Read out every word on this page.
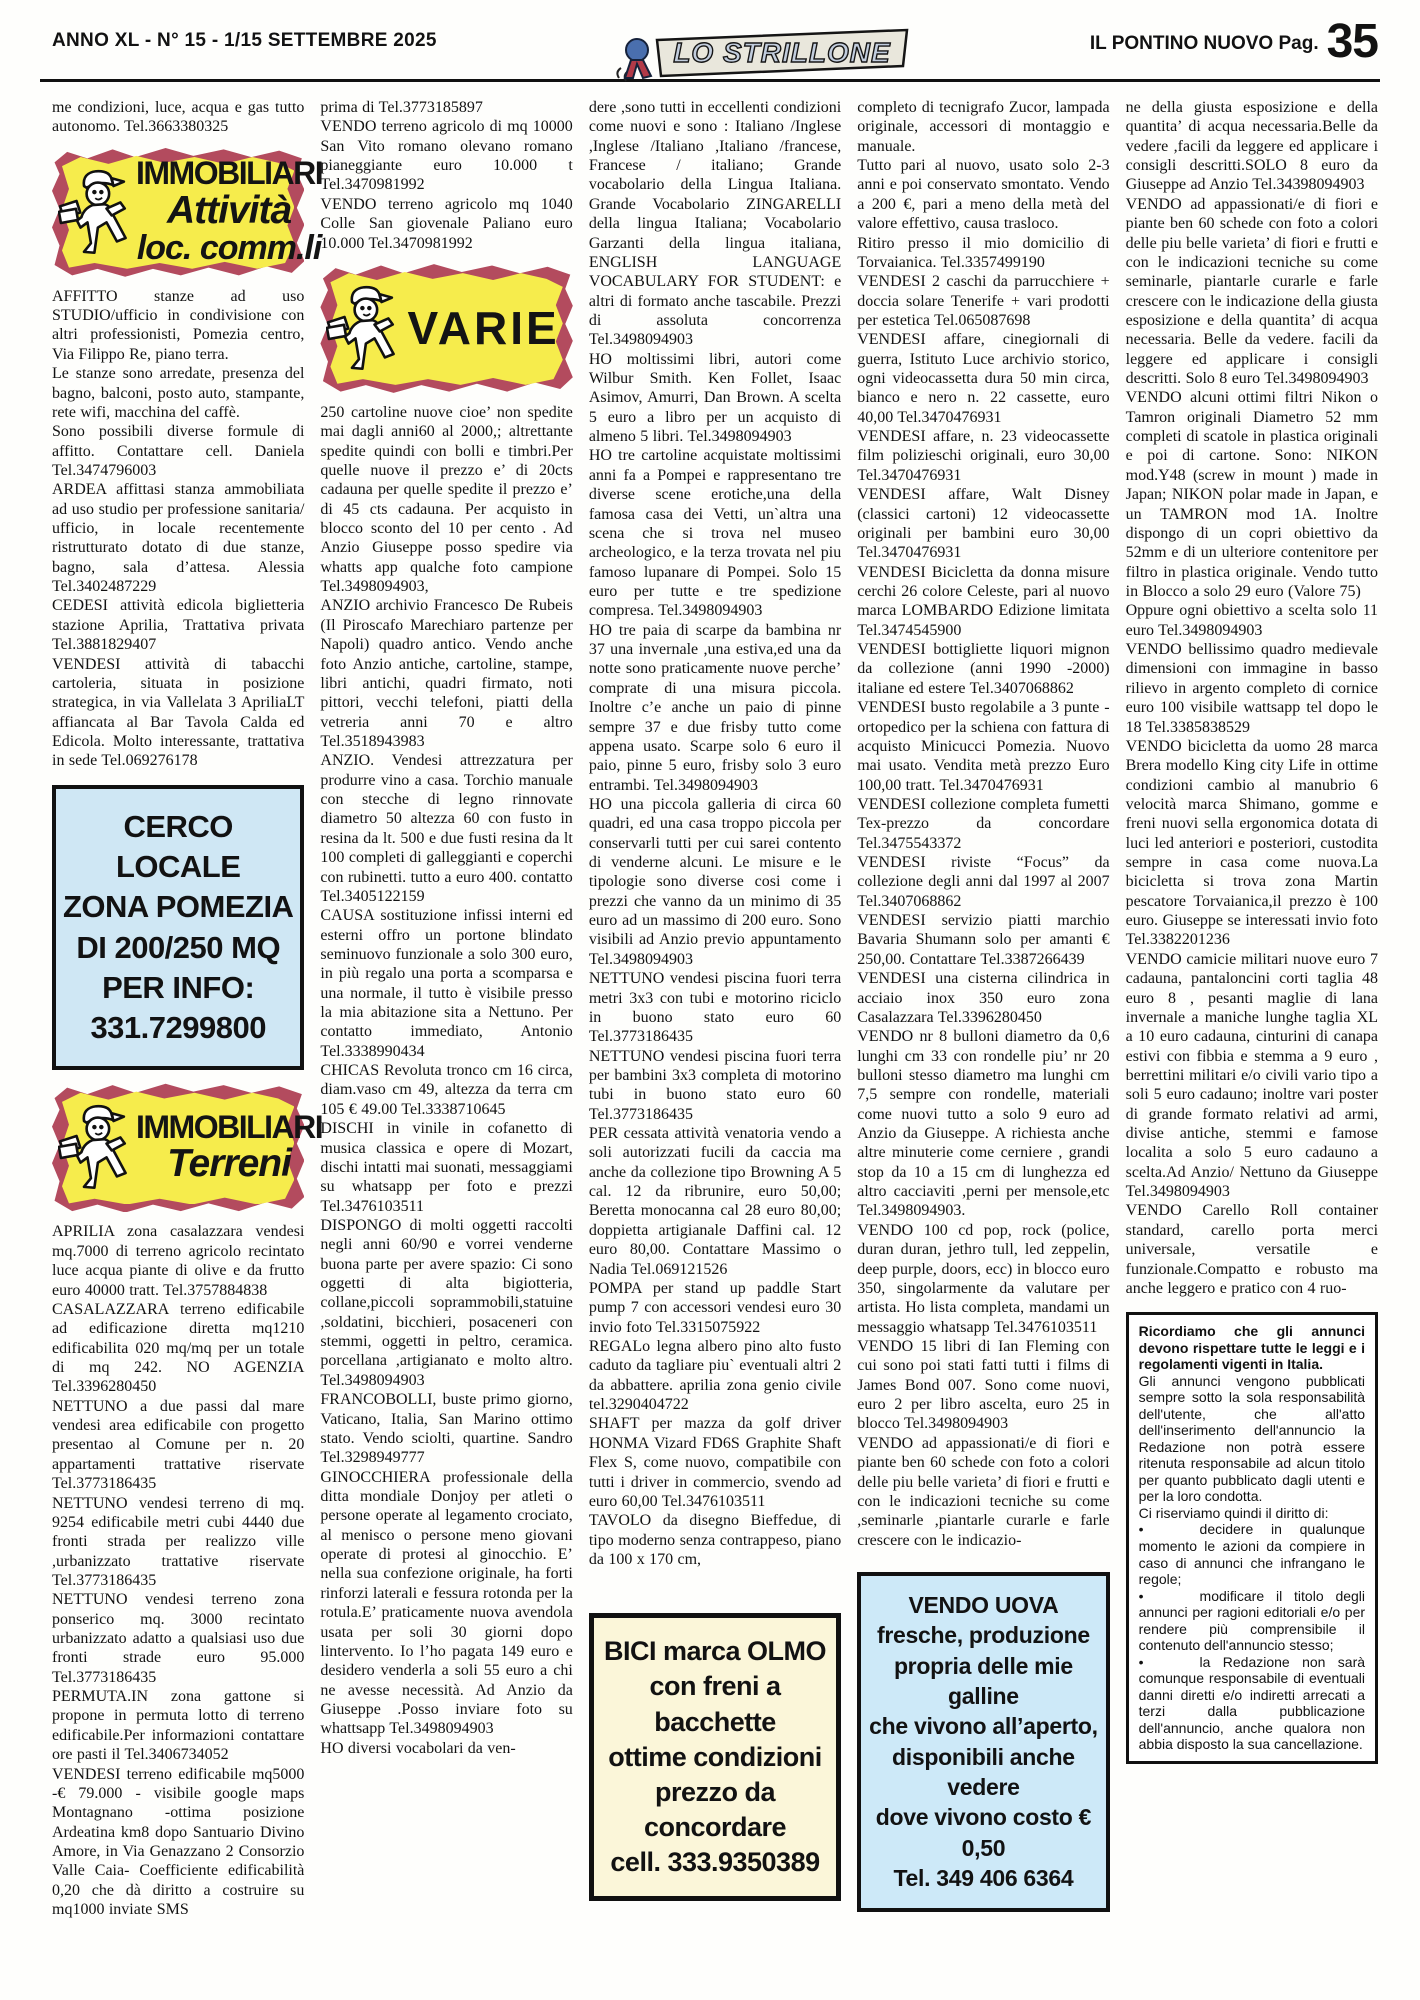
ANNO XL - N° 15 - 1/15 SETTEMBRE 2025	LO STRILLONE	IL PONTINO NUOVO Pag. 35

me condizioni, luce, acqua e gas tutto autonomo. Tel.3663380325

IMMOBILIARI
Attività
loc. comm.li

AFFITTO stanze ad uso STUDIO/ufficio in condivisione con altri professionisti, Pomezia centro, Via Filippo Re, piano terra.

Le stanze sono arredate, presenza del bagno, balconi, posto auto, stampante, rete wifi, macchina del caffè.

Sono possibili diverse formule di affitto. Contattare cell. Daniela Tel.3474796003

ARDEA affittasi stanza ammobiliata ad uso studio per professione sanitaria/ ufficio, in locale recentemente ristrutturato dotato di due stanze, bagno, sala d’attesa. Alessia Tel.3402487229

CEDESI attività edicola biglietteria stazione Aprilia, Trattativa privata Tel.3881829407

VENDESI attività di tabacchi cartoleria, situata in posizione strategica, in via Vallelata 3 ApriliaLT affiancata al Bar Tavola Calda ed Edicola. Molto interessante, trattativa in sede Tel.069276178

CERCO LOCALE
ZONA POMEZIA
DI 200/250 MQ
PER INFO:
331.7299800
IMMOBILIARI
Terreni

APRILIA zona casalazzara vendesi mq.7000 di terreno agricolo recintato luce acqua piante di olive e da frutto euro 40000 tratt. Tel.3757884838

CASALAZZARA terreno edificabile ad edificazione diretta mq1210 edificabilita 020 mq/mq per un totale di mq 242. NO AGENZIA Tel.3396280450

NETTUNO a due passi dal mare vendesi area edificabile con progetto presentao al Comune per n. 20 appartamenti trattative riservate Tel.3773186435

NETTUNO vendesi terreno di mq. 9254 edificabile metri cubi 4440 due fronti strada per realizzo ville ,urbanizzato trattative riservate Tel.3773186435

NETTUNO vendesi terreno zona ponserico mq. 3000 recintato urbanizzato adatto a qualsiasi uso due fronti strade euro 95.000 Tel.3773186435

PERMUTA.IN zona gattone si propone in permuta lotto di terreno edificabile.Per informazioni contattare ore pasti il Tel.3406734052

VENDESI terreno edificabile mq5000 -€ 79.000 - visibile google maps Montagnano -ottima posizione Ardeatina km8 dopo Santuario Divino Amore, in Via Genazzano 2 Consorzio Valle Caia- Coefficiente edificabilità 0,20 che dà diritto a costruire su mq1000 inviate SMS

prima di Tel.3773185897

VENDO terreno agricolo di mq 10000 San Vito romano olevano romano pianeggiante euro 10.000 t Tel.3470981992

VENDO terreno agricolo mq 1040 Colle San giovenale Paliano euro 10.000 Tel.3470981992

VARIE

250 cartoline nuove cioe’ non spedite mai dagli anni60 al 2000,; altrettante spedite quindi con bolli e timbri.Per quelle nuove il prezzo e’ di 20cts cadauna per quelle spedite il prezzo e’ di 45 cts cadauna. Per acquisto in blocco sconto del 10 per cento . Ad Anzio Giuseppe posso spedire via whatts app qualche foto campione Tel.3498094903,

ANZIO archivio Francesco De Rubeis (Il Piroscafo Marechiaro partenze per Napoli) quadro antico. Vendo anche foto Anzio antiche, cartoline, stampe, libri antichi, quadri firmato, noti pittori, vecchi telefoni, piatti della vetreria anni 70 e altro Tel.3518943983

ANZIO. Vendesi attrezzatura per produrre vino a casa. Torchio manuale con stecche di legno rinnovate diametro 50 altezza 60 con fusto in resina da lt. 500 e due fusti resina da lt 100 completi di galleggianti e coperchi con rubinetti. tutto a euro 400. contatto Tel.3405122159

CAUSA sostituzione infissi interni ed esterni offro un portone blindato seminuovo funzionale a solo 300 euro, in più regalo una porta a scomparsa e una normale, il tutto è visibile presso la mia abitazione sita a Nettuno. Per contatto immediato, Antonio Tel.3338990434

CHICAS Revoluta tronco cm 16 circa, diam.vaso cm 49, altezza da terra cm 105 € 49.00 Tel.3338710645

DISCHI in vinile in cofanetto di musica classica e opere di Mozart, dischi intatti mai suonati, messaggiami su whatsapp per foto e prezzi Tel.3476103511

DISPONGO di molti oggetti raccolti negli anni 60/90 e vorrei venderne buona parte per avere spazio: Ci sono oggetti di alta bigiotteria, collane,piccoli soprammobili,statuine ,soldatini, bicchieri, posaceneri con stemmi, oggetti in peltro, ceramica. porcellana ,artigianato e molto altro. Tel.3498094903

FRANCOBOLLI, buste primo giorno, Vaticano, Italia, San Marino ottimo stato. Vendo sciolti, quartine. Sandro Tel.3298949777

GINOCCHIERA professionale della ditta mondiale Donjoy per atleti o persone operate al legamento crociato, al menisco o persone meno giovani operate di protesi al ginocchio. E’ nella sua confezione originale, ha forti rinforzi laterali e fessura rotonda per la rotula.E’ praticamente nuova avendola usata per soli 30 giorni dopo lintervento. Io l’ho pagata 149 euro e desidero venderla a soli 55 euro a chi ne avesse necessità. Ad Anzio da Giuseppe .Posso inviare foto su whattsapp Tel.3498094903

HO diversi vocabolari da ven-

dere ,sono tutti in eccellenti condizioni come nuovi e sono : Italiano /Inglese ,Inglese /Italiano ,Italiano /francese, Francese / italiano; Grande vocabolario della Lingua Italiana. Grande Vocabolario ZINGARELLI della lingua Italiana; Vocabolario Garzanti della lingua italiana, ENGLISH LANGUAGE VOCABULARY FOR STUDENT: e altri di formato anche tascabile. Prezzi di assoluta concorrenza Tel.3498094903

HO moltissimi libri, autori come Wilbur Smith. Ken Follet, Isaac Asimov, Amurri, Dan Brown. A scelta 5 euro a libro per un acquisto di almeno 5 libri. Tel.3498094903

HO tre cartoline acquistate moltissimi anni fa a Pompei e rappresentano tre diverse scene erotiche,una della famosa casa dei Vetti, un`altra una scena che si trova nel museo archeologico, e la terza trovata nel piu famoso lupanare di Pompei. Solo 15 euro per tutte e tre spedizione compresa. Tel.3498094903

HO tre paia di scarpe da bambina nr 37 una invernale ,una estiva,ed una da notte sono praticamente nuove perche’ comprate di una misura piccola. Inoltre c’e anche un paio di pinne sempre 37 e due frisby tutto come appena usato. Scarpe solo 6 euro il paio, pinne 5 euro, frisby solo 3 euro entrambi. Tel.3498094903

HO una piccola galleria di circa 60 quadri, ed una casa troppo piccola per conservarli tutti per cui sarei contento di venderne alcuni. Le misure e le tipologie sono diverse cosi come i prezzi che vanno da un minimo di 35 euro ad un massimo di 200 euro. Sono visibili ad Anzio previo appuntamento Tel.3498094903

NETTUNO vendesi piscina fuori terra metri 3x3 con tubi e motorino riciclo in buono stato euro 60 Tel.3773186435

NETTUNO vendesi piscina fuori terra per bambini 3x3 completa di motorino tubi in buono stato euro 60 Tel.3773186435

PER cessata attività venatoria vendo a soli autorizzati fucili da caccia ma anche da collezione tipo Browning A 5 cal. 12 da ribrunire, euro 50,00; Beretta monocanna cal 28 euro 80,00; doppietta artigianale Daffini cal. 12 euro 80,00. Contattare Massimo o Nadia Tel.069121526

POMPA per stand up paddle Start pump 7 con accessori vendesi euro 30 invio foto Tel.3315075922

REGALo legna albero pino alto fusto caduto da tagliare piu` eventuali altri 2 da abbattere. aprilia zona genio civile tel.3290404722

SHAFT per mazza da golf driver HONMA Vizard FD6S Graphite Shaft Flex S, come nuovo, compatibile con tutti i driver in commercio, svendo ad euro 60,00 Tel.3476103511

TAVOLO da disegno Bieffedue, di tipo moderno senza contrappeso, piano da 100 x 170 cm,

BICI marca OLMO
con freni a bacchette
ottime condizioni
prezzo da concordare
cell. 333.9350389

completo di tecnigrafo Zucor, lampada originale, accessori di montaggio e manuale.

Tutto pari al nuovo, usato solo 2-3 anni e poi conservato smontato. Vendo a 200 €, pari a meno della metà del valore effettivo, causa trasloco.

Ritiro presso il mio domicilio di Torvaianica. Tel.3357499190

VENDESI 2 caschi da parrucchiere + doccia solare Tenerife + vari prodotti per estetica Tel.065087698

VENDESI affare, cinegiornali di guerra, Istituto Luce archivio storico, ogni videocassetta dura 50 min circa, bianco e nero n. 22 cassette, euro 40,00 Tel.3470476931

VENDESI affare, n. 23 videocassette film polizieschi originali, euro 30,00 Tel.3470476931

VENDESI affare, Walt Disney (classici cartoni) 12 videocassette originali per bambini euro 30,00 Tel.3470476931

VENDESI Bicicletta da donna misure cerchi 26 colore Celeste, pari al nuovo marca LOMBARDO Edizione limitata Tel.3474545900

VENDESI bottigliette liquori mignon da collezione (anni 1990 -2000) italiane ed estere Tel.3407068862

VENDESI busto regolabile a 3 punte - ortopedico per la schiena con fattura di acquisto Minicucci Pomezia. Nuovo mai usato. Vendita metà prezzo Euro 100,00 tratt. Tel.3470476931

VENDESI collezione completa fumetti Tex-prezzo da concordare Tel.3475543372

VENDESI riviste “Focus” da collezione degli anni dal 1997 al 2007 Tel.3407068862

VENDESI servizio piatti marchio Bavaria Shumann solo per amanti € 250,00. Contattare Tel.3387266439

VENDESI una cisterna cilindrica in acciaio inox 350 euro zona Casalazzara Tel.3396280450

VENDO nr 8 bulloni diametro da 0,6 lunghi cm 33 con rondelle piu’ nr 20 bulloni stesso diametro ma lunghi cm 7,5 sempre con rondelle, materiali come nuovi tutto a solo 9 euro ad Anzio da Giuseppe. A richiesta anche altre minuterie come cerniere , grandi stop da 10 a 15 cm di lunghezza ed altro cacciaviti ,perni per mensole,etc Tel.3498094903.

VENDO 100 cd pop, rock (police, duran duran, jethro tull, led zeppelin, deep purple, doors, ecc) in blocco euro 350, singolarmente da valutare per artista. Ho lista completa, mandami un messaggio whatsapp Tel.3476103511

VENDO 15 libri di Ian Fleming con cui sono poi stati fatti tutti i films di James Bond 007. Sono come nuovi, euro 2 per libro ascelta, euro 25 in blocco Tel.3498094903

VENDO ad appassionati/e di fiori e piante ben 60 schede con foto a colori delle piu belle varieta’ di fiori e frutti e con le indicazioni tecniche su come ,seminarle ,piantarle curarle e farle crescere con le indicazio-

VENDO UOVA
fresche, produzione
propria delle mie galline
che vivono all’aperto,
disponibili anche vedere
dove vivono costo € 0,50
Tel. 349 406 6364

ne della giusta esposizione e della quantita’ di acqua necessaria.Belle da vedere ,facili da leggere ed applicare i consigli descritti.SOLO 8 euro da Giuseppe ad Anzio Tel.34398094903

VENDO ad appassionati/e di fiori e piante ben 60 schede con foto a colori delle piu belle varieta’ di fiori e frutti e con le indicazioni tecniche su come seminarle, piantarle curarle e farle crescere con le indicazione della giusta esposizione e della quantita’ di acqua necessaria. Belle da vedere. facili da leggere ed applicare i consigli descritti. Solo 8 euro Tel.3498094903

VENDO alcuni ottimi filtri Nikon o Tamron originali Diametro 52 mm completi di scatole in plastica originali e poi di cartone. Sono: NIKON mod.Y48 (screw in mount ) made in Japan; NIKON polar made in Japan, e un TAMRON mod 1A. Inoltre dispongo di un copri obiettivo da 52mm e di un ulteriore contenitore per filtro in plastica originale. Vendo tutto in Blocco a solo 29 euro (Valore 75)

Oppure ogni obiettivo a scelta solo 11 euro Tel.3498094903

VENDO bellissimo quadro medievale dimensioni con immagine in basso rilievo in argento completo di cornice euro 100 visibile wattsapp tel dopo le 18 Tel.3385838529

VENDO bicicletta da uomo 28 marca Brera modello King city Life in ottime condizioni cambio al manubrio 6 velocità marca Shimano, gomme e freni nuovi sella ergonomica dotata di luci led anteriori e posteriori, custodita sempre in casa come nuova.La bicicletta si trova zona Martin pescatore Torvaianica,il prezzo è 100 euro. Giuseppe se interessati invio foto Tel.3382201236

VENDO camicie militari nuove euro 7 cadauna, pantaloncini corti taglia 48 euro 8 , pesanti maglie di lana invernale a maniche lunghe taglia XL a 10 euro cadauna, cinturini di canapa estivi con fibbia e stemma a 9 euro , berrettini militari e/o civili vario tipo a soli 5 euro cadauno; inoltre vari poster di grande formato relativi ad armi, divise antiche, stemmi e famose localita a solo 5 euro cadauno a scelta.Ad Anzio/ Nettuno da Giuseppe Tel.3498094903

VENDO Carello Roll container standard, carello porta merci universale, versatile e funzionale.Compatto e robusto ma anche leggero e pratico con 4 ruo-

Ricordiamo che gli annunci devono rispettare tutte le leggi e i regolamenti vigenti in Italia.
Gli annunci vengono pubblicati sempre sotto la sola responsabilità dell'utente, che all'atto dell'inserimento dell'annuncio la Redazione non potrà essere ritenuta responsabile ad alcun titolo per quanto pubblicato dagli utenti e per la loro condotta.
Ci riserviamo quindi il diritto di:
•	decidere in qualunque momento le azioni da compiere in caso di annunci che infrangano le regole;
•	modificare il titolo degli annunci per ragioni editoriali e/o per rendere più comprensibile il contenuto dell'annuncio stesso;
•	la Redazione non sarà comunque responsabile di eventuali danni diretti e/o indiretti arrecati a terzi dalla pubblicazione dell'annuncio, anche qualora non abbia disposto la sua cancellazione.
